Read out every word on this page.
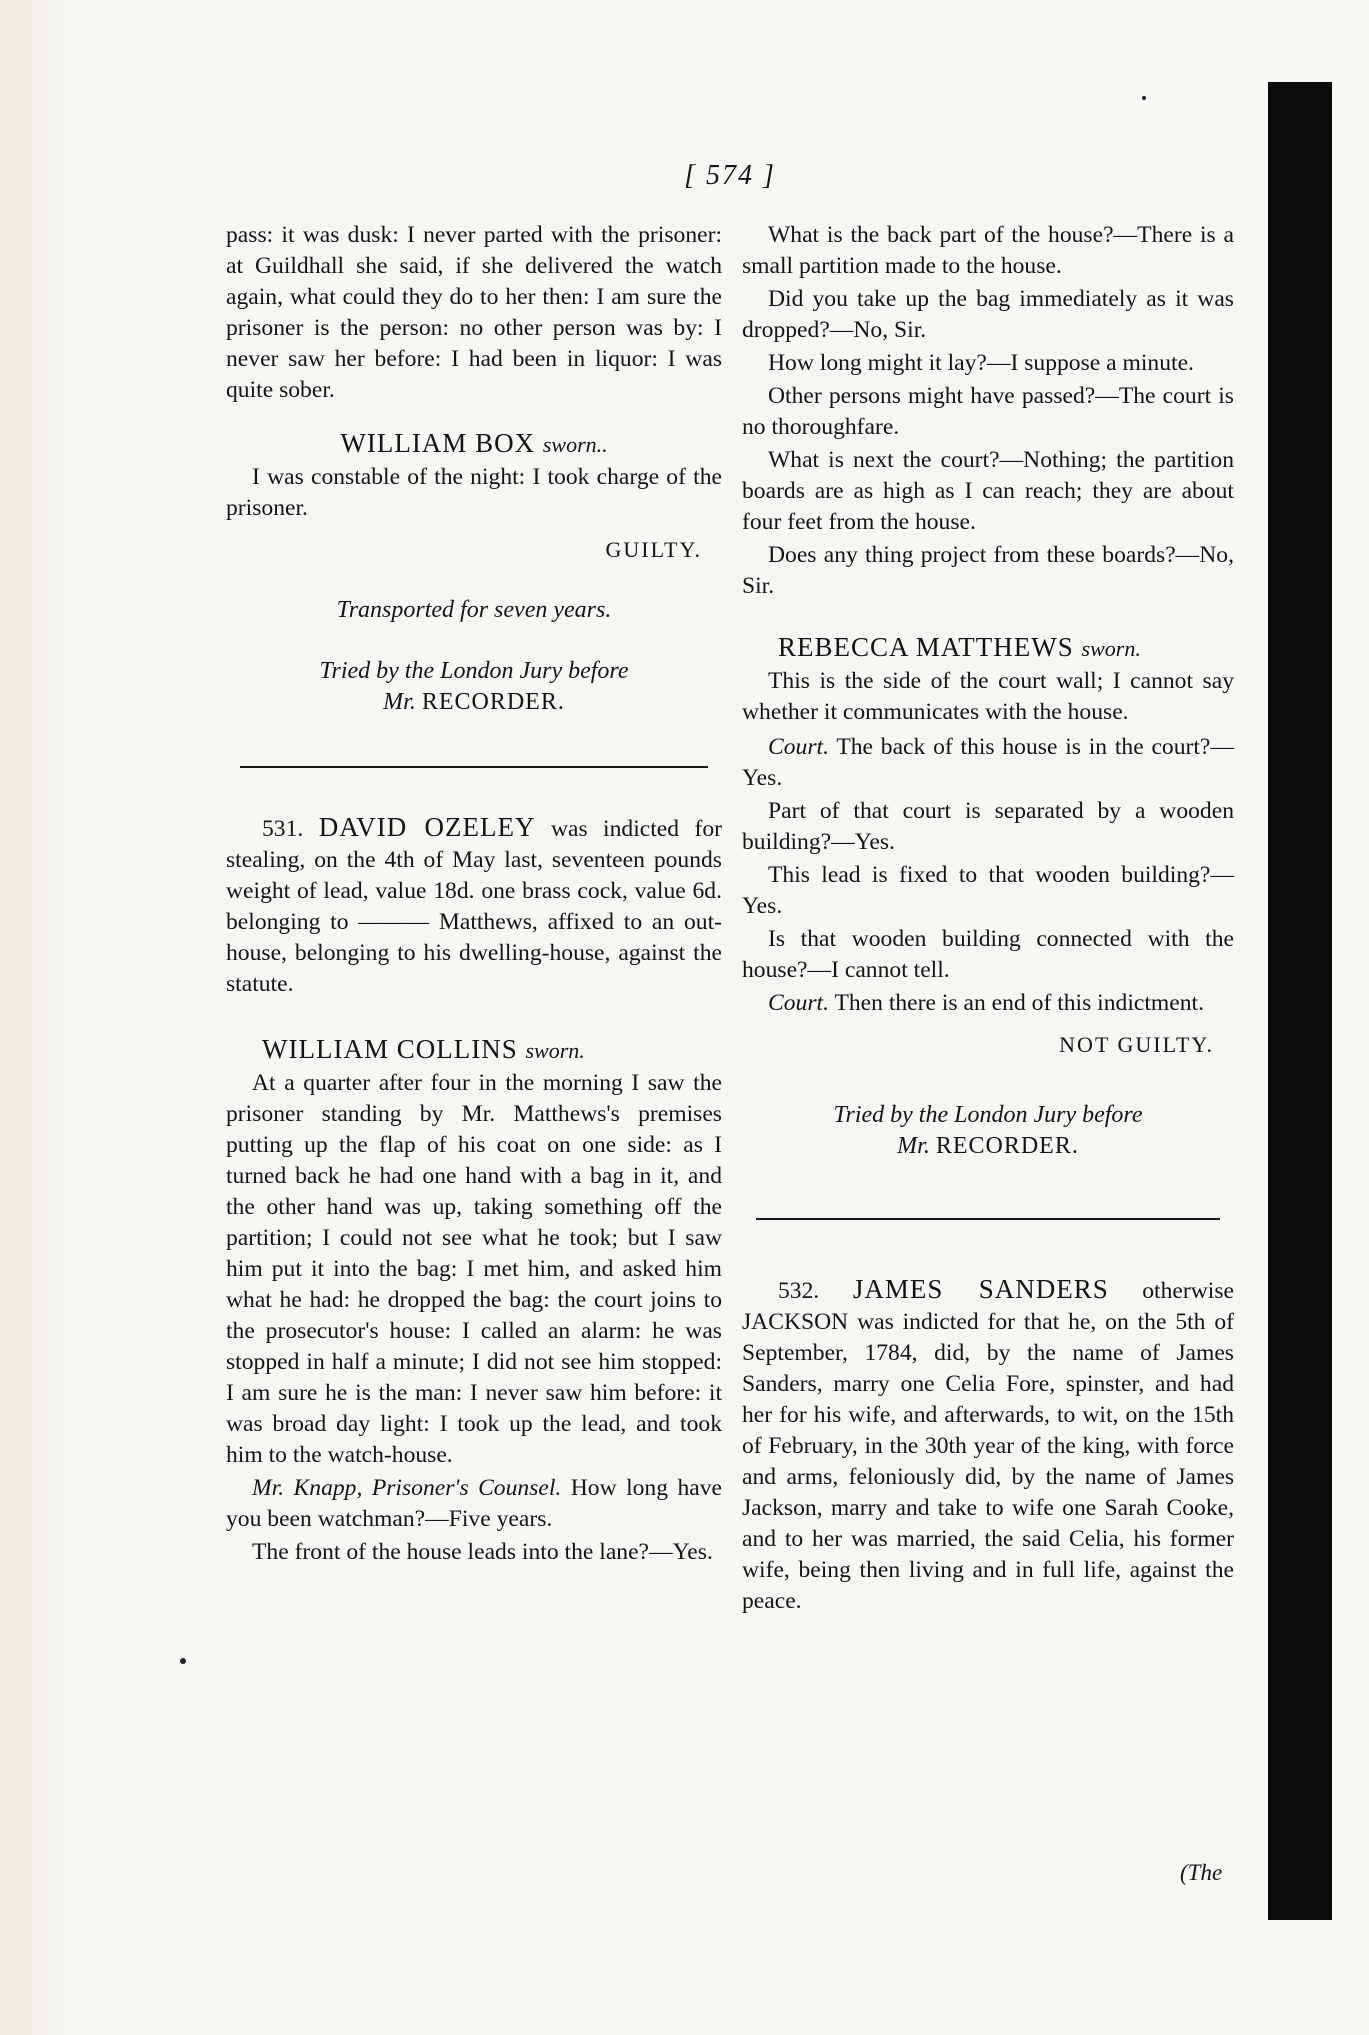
[ 574 ]

pass: it was dusk: I never parted with the prisoner: at Guildhall she said, if she delivered the watch again, what could they do to her then: I am sure the prisoner is the person: no other person was by: I never saw her before: I had been in liquor: I was quite sober.

WILLIAM BOX sworn..

I was constable of the night: I took charge of the prisoner.

GUILTY.
Transported for seven years.
Tried by the London Jury before
Mr. RECORDER.

531. DAVID OZELEY was indicted for stealing, on the 4th of May last, seventeen pounds weight of lead, value 18d. one brass cock, value 6d. belonging to ——— Matthews, affixed to an out-house, belonging to his dwelling-house, against the statute.

WILLIAM COLLINS sworn.

At a quarter after four in the morning I saw the prisoner standing by Mr. Matthews's premises putting up the flap of his coat on one side: as I turned back he had one hand with a bag in it, and the other hand was up, taking something off the partition; I could not see what he took; but I saw him put it into the bag: I met him, and asked him what he had: he dropped the bag: the court joins to the prosecutor's house: I called an alarm: he was stopped in half a minute; I did not see him stopped: I am sure he is the man: I never saw him before: it was broad day light: I took up the lead, and took him to the watch-house.

Mr. Knapp, Prisoner's Counsel. How long have you been watchman?—Five years.

The front of the house leads into the lane?—Yes.

What is the back part of the house?—There is a small partition made to the house.

Did you take up the bag immediately as it was dropped?—No, Sir.

How long might it lay?—I suppose a minute.

Other persons might have passed?—The court is no thoroughfare.

What is next the court?—Nothing; the partition boards are as high as I can reach; they are about four feet from the house.

Does any thing project from these boards?—No, Sir.

REBECCA MATTHEWS sworn.

This is the side of the court wall; I cannot say whether it communicates with the house.

Court. The back of this house is in the court?—Yes.

Part of that court is separated by a wooden building?—Yes.

This lead is fixed to that wooden building?—Yes.

Is that wooden building connected with the house?—I cannot tell.

Court. Then there is an end of this indictment.

NOT GUILTY.
Tried by the London Jury before
Mr. RECORDER.

532. JAMES SANDERS otherwise JACKSON was indicted for that he, on the 5th of September, 1784, did, by the name of James Sanders, marry one Celia Fore, spinster, and had her for his wife, and afterwards, to wit, on the 15th of February, in the 30th year of the king, with force and arms, feloniously did, by the name of James Jackson, marry and take to wife one Sarah Cooke, and to her was married, the said Celia, his former wife, being then living and in full life, against the peace.

(The
